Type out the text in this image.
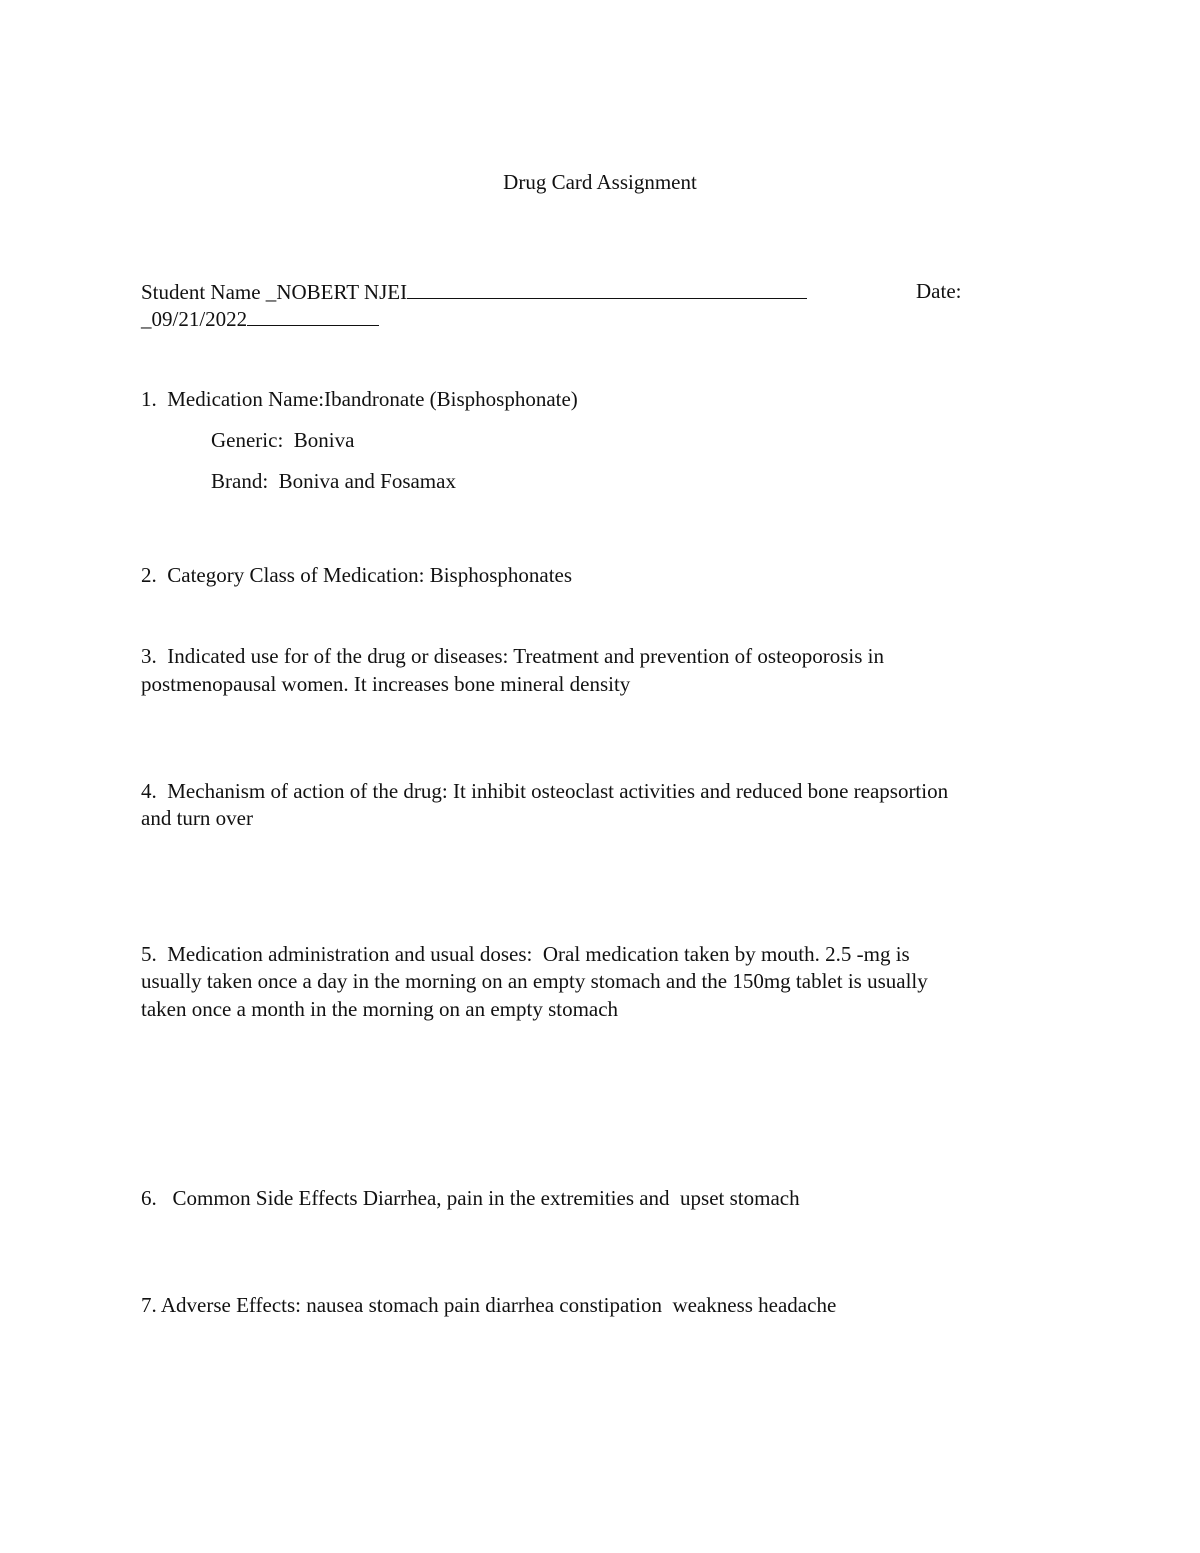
Drug Card Assignment
Student Name _NOBERT NJEI	Date:
_09/21/2022
1.  Medication Name:Ibandronate (Bisphosphonate)
Generic:  Boniva
Brand:  Boniva and Fosamax
2.  Category Class of Medication: Bisphosphonates
3.  Indicated use for of the drug or diseases: Treatment and prevention of osteoporosis in
postmenopausal women. It increases bone mineral density
4.  Mechanism of action of the drug: It inhibit osteoclast activities and reduced bone reapsortion
and turn over
5.  Medication administration and usual doses:  Oral medication taken by mouth. 2.5 -mg is
usually taken once a day in the morning on an empty stomach and the 150mg tablet is usually
taken once a month in the morning on an empty stomach
6.   Common Side Effects Diarrhea, pain in the extremities and  upset stomach
7. Adverse Effects: nausea stomach pain diarrhea constipation  weakness headache
